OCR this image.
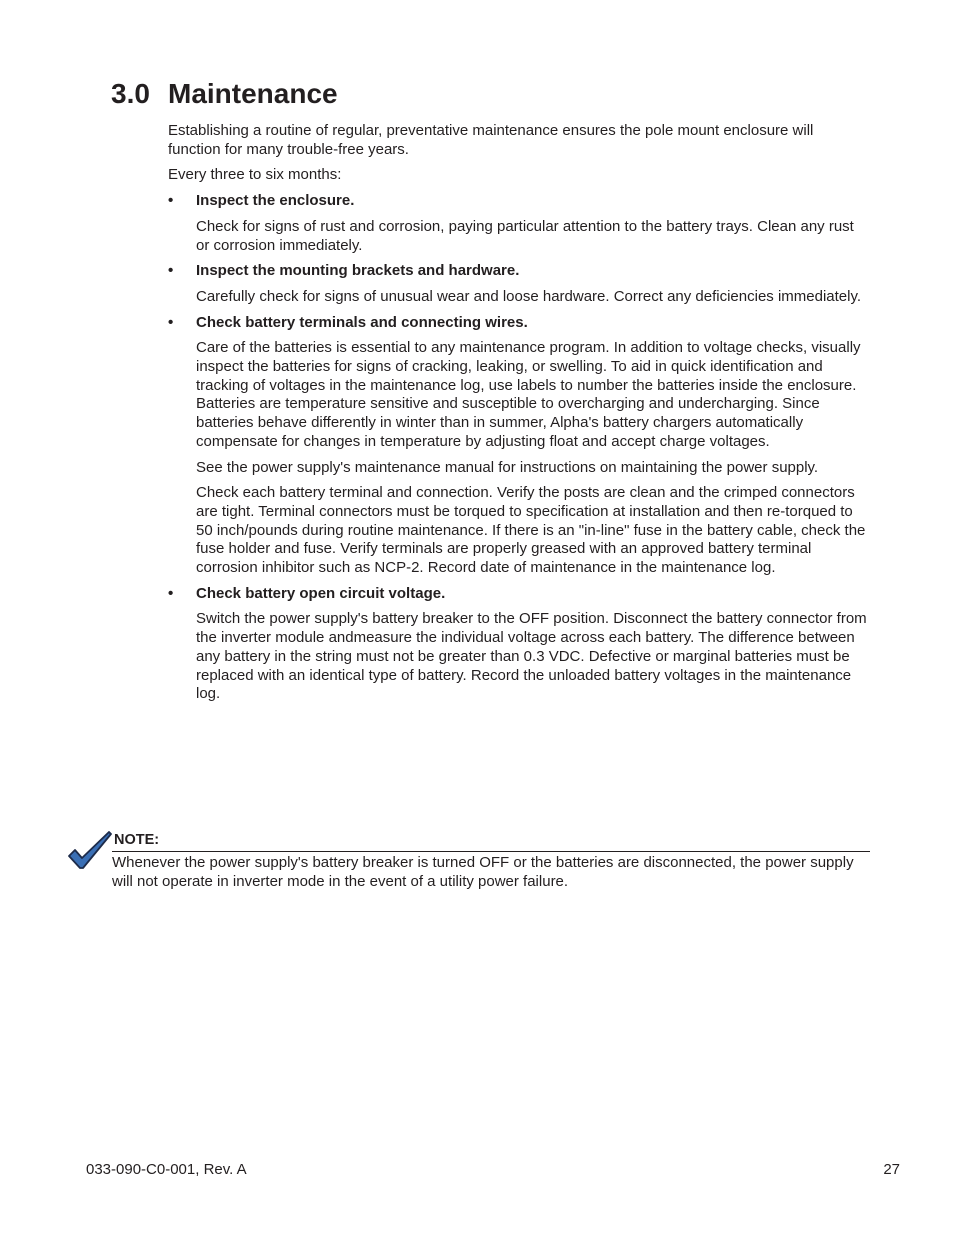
3.0 Maintenance

Establishing a routine of regular, preventative maintenance ensures the pole mount enclosure will function for many trouble-free years.

Every three to six months:

• Inspect the enclosure.

Check for signs of rust and corrosion, paying particular attention to the battery trays. Clean any rust or corrosion immediately.

• Inspect the mounting brackets and hardware.

Carefully check for signs of unusual wear and loose hardware. Correct any deficiencies immediately.

• Check battery terminals and connecting wires.

Care of the batteries is essential to any maintenance program. In addition to voltage checks, visually inspect the batteries for signs of cracking, leaking, or swelling. To aid in quick identification and tracking of voltages in the maintenance log, use labels to number the batteries inside the enclosure. Batteries are temperature sensitive and susceptible to overcharging and undercharging. Since batteries behave differently in winter than in summer, Alpha's battery chargers automatically compensate for changes in temperature by adjusting float and accept charge voltages.

See the power supply's maintenance manual for instructions on maintaining the power supply.

Check each battery terminal and connection. Verify the posts are clean and the crimped connectors are tight. Terminal connectors must be torqued to specification at installation and then re-torqued to 50 inch/pounds during routine maintenance. If there is an "in-line" fuse in the battery cable, check the fuse holder and fuse. Verify terminals are properly greased with an approved battery terminal corrosion inhibitor such as NCP-2. Record date of maintenance in the maintenance log.

• Check battery open circuit voltage.

Switch the power supply's battery breaker to the OFF position. Disconnect the battery connector from the inverter module andmeasure the individual voltage across each battery. The difference between any battery in the string must not be greater than 0.3 VDC. Defective or marginal batteries must be replaced with an identical type of battery. Record the unloaded battery voltages in the maintenance log.

NOTE:
Whenever the power supply's battery breaker is turned OFF or the batteries are disconnected, the power supply will not operate in inverter mode in the event of a utility power failure.
033-090-C0-001, Rev. A	27
